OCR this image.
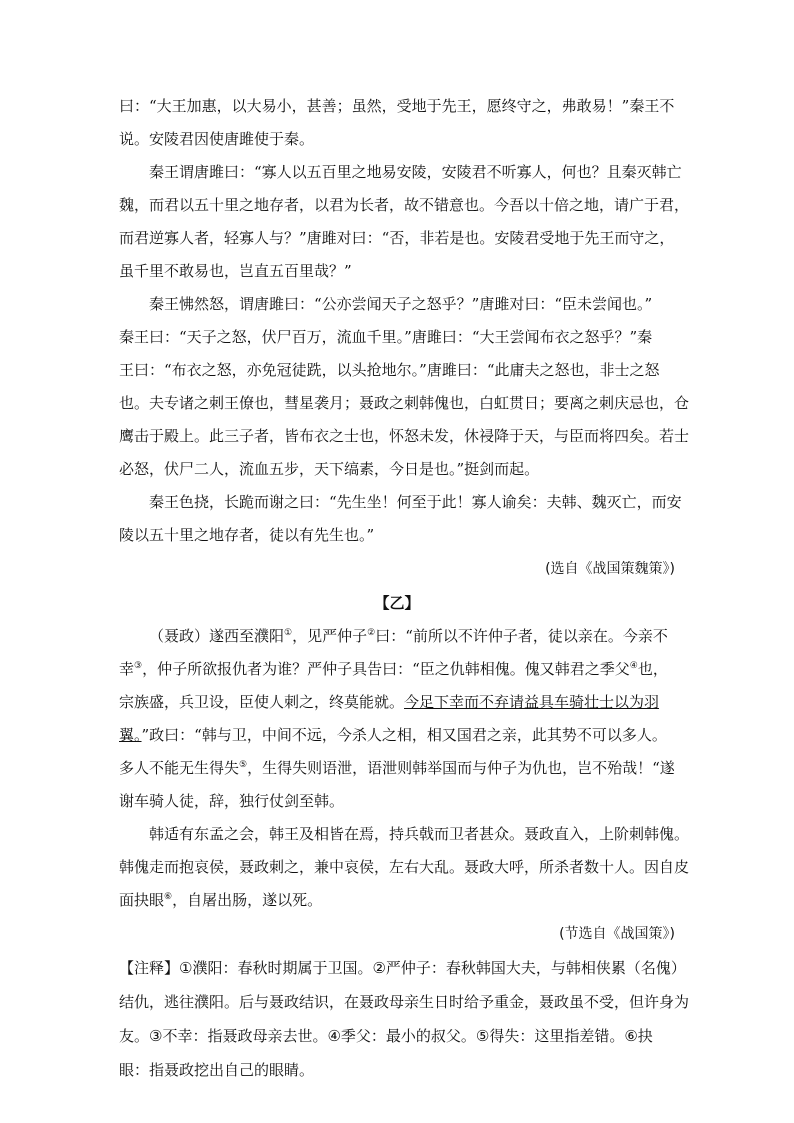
曰：“大王加惠，以大易小，甚善；虽然，受地于先王，愿终守之，弗敢易！”秦王不
说。安陵君因使唐雎使于秦。
秦王谓唐雎曰：“寡人以五百里之地易安陵，安陵君不听寡人，何也？且秦灭韩亡
魏，而君以五十里之地存者，以君为长者，故不错意也。今吾以十倍之地，请广于君，
而君逆寡人者，轻寡人与？”唐雎对曰：“否，非若是也。安陵君受地于先王而守之，
虽千里不敢易也，岂直五百里哉？”
秦王怫然怒，谓唐雎曰：“公亦尝闻天子之怒乎？”唐雎对曰：“臣未尝闻也。”
秦王曰：“天子之怒，伏尸百万，流血千里。”唐雎曰：“大王尝闻布衣之怒乎？”秦
王曰：“布衣之怒，亦免冠徒跣，以头抢地尔。”唐雎曰：“此庸夫之怒也，非士之怒
也。夫专诸之刺王僚也，彗星袭月；聂政之刺韩傀也，白虹贯日；要离之刺庆忌也，仓
鹰击于殿上。此三子者，皆布衣之士也，怀怒未发，休祲降于天，与臣而将四矣。若士
必怒，伏尸二人，流血五步，天下缟素，今日是也。”挺剑而起。
秦王色挠，长跪而谢之曰：“先生坐！何至于此！寡人谕矣：夫韩、魏灭亡，而安
陵以五十里之地存者，徒以有先生也。”
(选自《战国策魏策》)
【乙】
（聂政）遂西至濮阳①，见严仲子②曰：“前所以不许仲子者，徒以亲在。今亲不
幸③，仲子所欲报仇者为谁？严仲子具告曰：“臣之仇韩相傀。傀又韩君之季父④也，
宗族盛，兵卫设，臣使人刺之，终莫能就。今足下幸而不弃请益具车骑壮士以为羽
翼。”政曰：“韩与卫，中间不远，今杀人之相，相又国君之亲，此其势不可以多人。
多人不能无生得失⑤，生得失则语泄，语泄则韩举国而与仲子为仇也，岂不殆哉！“遂
谢车骑人徒，辞，独行仗剑至韩。
韩适有东孟之会，韩王及相皆在焉，持兵戟而卫者甚众。聂政直入，上阶刺韩傀。
韩傀走而抱哀侯，聂政刺之，兼中哀侯，左右大乱。聂政大呼，所杀者数十人。因自皮
面抉眼⑥，自屠出肠，遂以死。
(节选自《战国策》)
【注释】①濮阳：春秋时期属于卫国。②严仲子：春秋韩国大夫，与韩相侠累（名傀）
结仇，逃往濮阳。后与聂政结识，在聂政母亲生日时给予重金，聂政虽不受，但许身为
友。③不幸：指聂政母亲去世。④季父：最小的叔父。⑤得失：这里指差错。⑥抉
眼：指聂政挖出自己的眼睛。
